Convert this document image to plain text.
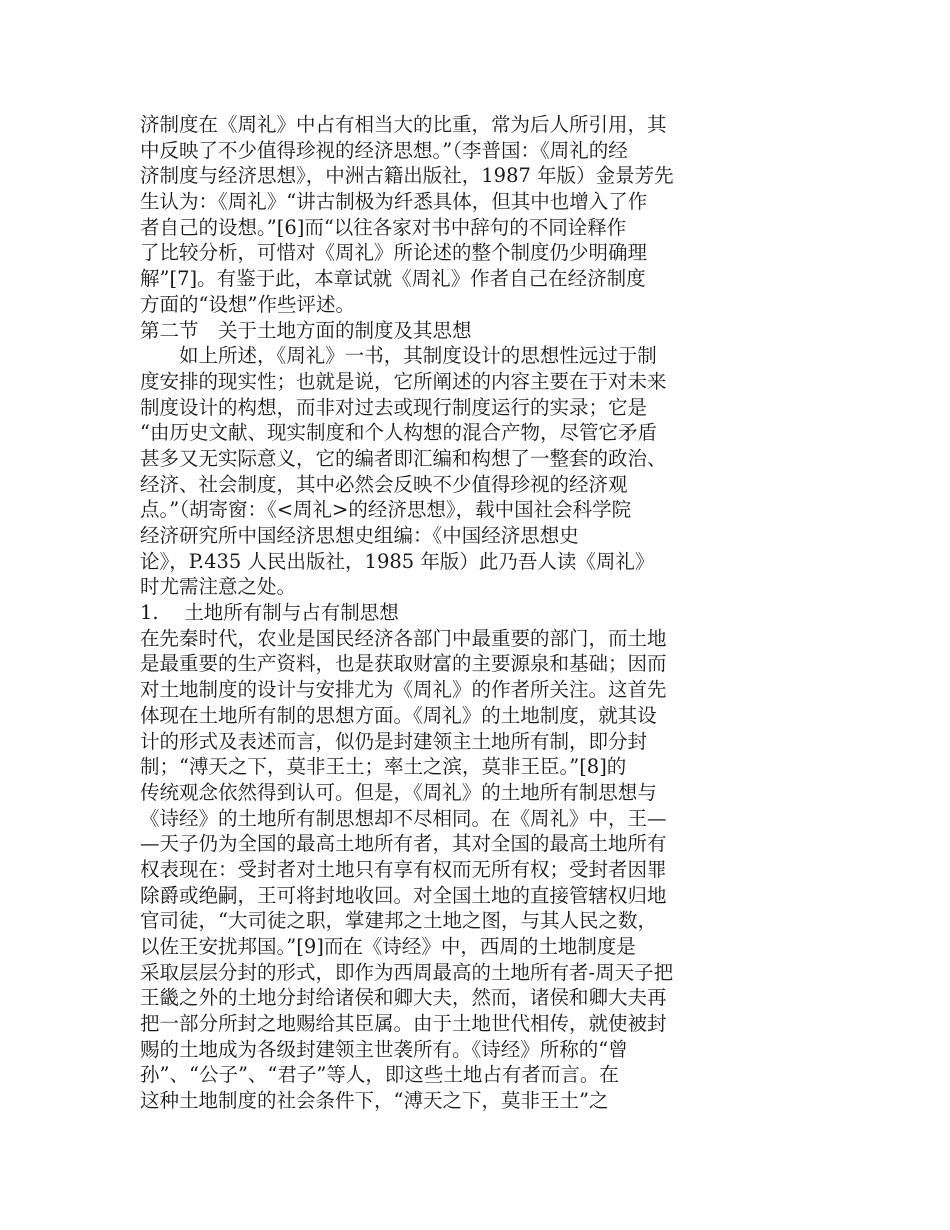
济制度在《周礼》中占有相当大的比重，常为后人所引用，其
中反映了不少值得珍视的经济思想。”（李普国：《周礼的经
济制度与经济思想》，中洲古籍出版社，1987 年版）金景芳先
生认为：《周礼》“讲古制极为纤悉具体，但其中也增入了作
者自己的设想。”[6]而“以往各家对书中辞句的不同诠释作
了比较分析，可惜对《周礼》所论述的整个制度仍少明确理
解”[7]。有鉴于此，本章试就《周礼》作者自己在经济制度
方面的“设想”作些评述。
第二节　关于土地方面的制度及其思想
　　如上所述，《周礼》一书，其制度设计的思想性远过于制
度安排的现实性；也就是说，它所阐述的内容主要在于对未来
制度设计的构想，而非对过去或现行制度运行的实录；它是
“由历史文献、现实制度和个人构想的混合产物，尽管它矛盾
甚多又无实际意义，它的编者即汇编和构想了一整套的政治、
经济、社会制度，其中必然会反映不少值得珍视的经济观
点。”（胡寄窗：《<周礼>的经济思想》，载中国社会科学院
经济研究所中国经济思想史组编：《中国经济思想史
论》，P.435 人民出版社，1985 年版）此乃吾人读《周礼》
时尤需注意之处。
1.　 土地所有制与占有制思想
在先秦时代，农业是国民经济各部门中最重要的部门，而土地
是最重要的生产资料，也是获取财富的主要源泉和基础；因而
对土地制度的设计与安排尤为《周礼》的作者所关注。这首先
体现在土地所有制的思想方面。《周礼》的土地制度，就其设
计的形式及表述而言，似仍是封建领主土地所有制，即分封
制；“溥天之下，莫非王土；率土之滨，莫非王臣。”[8]的
传统观念依然得到认可。但是，《周礼》的土地所有制思想与
《诗经》的土地所有制思想却不尽相同。在《周礼》中，王—
—天子仍为全国的最高土地所有者，其对全国的最高土地所有
权表现在：受封者对土地只有享有权而无所有权；受封者因罪
除爵或绝嗣，王可将封地收回。对全国土地的直接管辖权归地
官司徒，“大司徒之职，掌建邦之土地之图，与其人民之数，
以佐王安扰邦国。”[9]而在《诗经》中，西周的土地制度是
采取层层分封的形式，即作为西周最高的土地所有者-周天子把
王畿之外的土地分封给诸侯和卿大夫，然而，诸侯和卿大夫再
把一部分所封之地赐给其臣属。由于土地世代相传，就使被封
赐的土地成为各级封建领主世袭所有。《诗经》所称的“曾
孙”、“公子”、“君子”等人，即这些土地占有者而言。在
这种土地制度的社会条件下，“溥天之下，莫非王土”之
